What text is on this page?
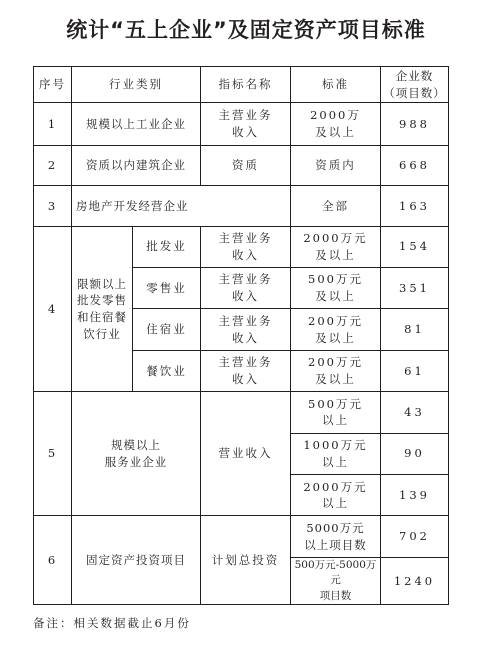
统计“五上企业”及固定资产项目标准
序号	行业类别		指标名称	标准	企业数
（项目数）

1	规模以上工业企业		主营业务
收入	2000万
及以上	988
2	资质以内建筑企业		资质	资质内	668
3	房地产开发经营企业			全部	163
4	限额以上
批发零售
和住宿餐
饮行业	批发业	主营业务
收入	2000万元
及以上	154
		零售业	主营业务
收入	500万元
及以上	351
		住宿业	主营业务
收入	200万元
及以上	81
		餐饮业	主营业务
收入	200万元
及以上	61
5	规模以上
服务业企业		营业收入	500万元
以上	43

				1000万元
以上	90

				2000万元
以上	139
6	固定资产投资项目		计划总投资	5000万元
以上项目数	702

				500万元-5000万元
项目数	1240
备注：相关数据截止6月份
